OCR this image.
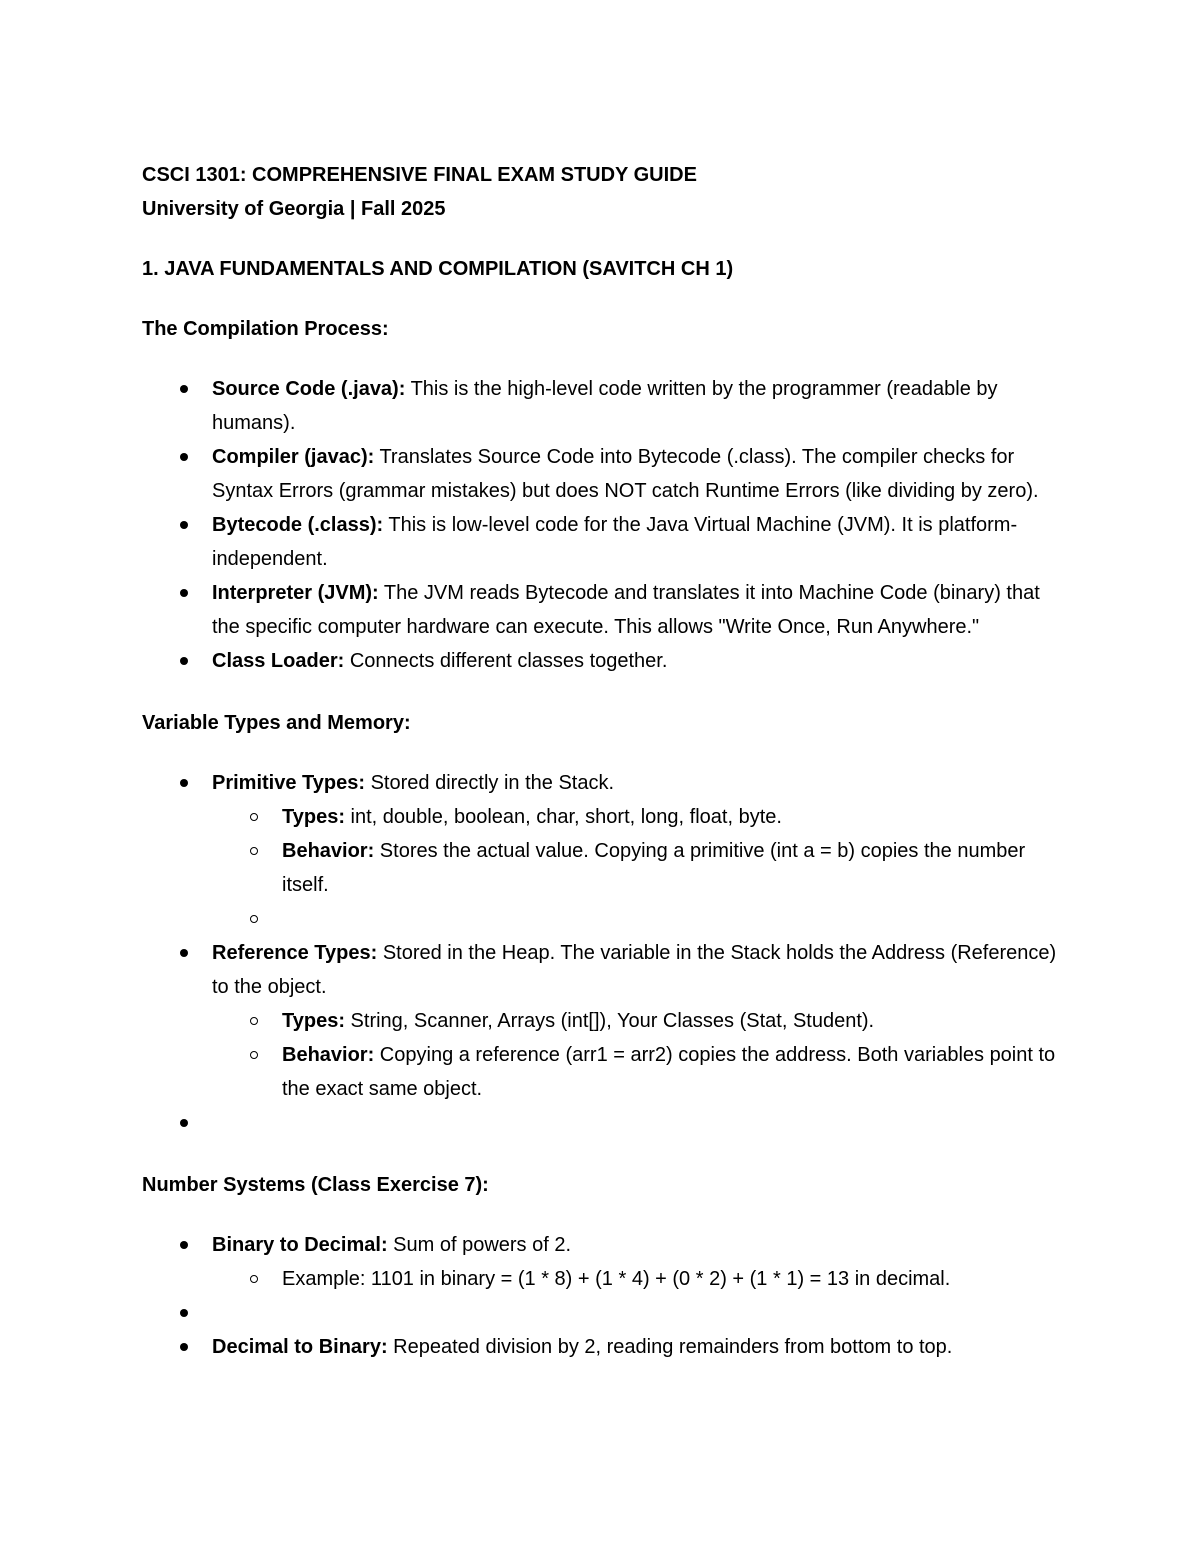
CSCI 1301: COMPREHENSIVE FINAL EXAM STUDY GUIDE

University of Georgia | Fall 2025

1. JAVA FUNDAMENTALS AND COMPILATION (SAVITCH CH 1)

The Compilation Process:

Source Code (.java): This is the high-level code written by the programmer (readable by humans).
Compiler (javac): Translates Source Code into Bytecode (.class). The compiler checks for Syntax Errors (grammar mistakes) but does NOT catch Runtime Errors (like dividing by zero).
Bytecode (.class): This is low-level code for the Java Virtual Machine (JVM). It is platform-independent.
Interpreter (JVM): The JVM reads Bytecode and translates it into Machine Code (binary) that the specific computer hardware can execute. This allows "Write Once, Run Anywhere."
Class Loader: Connects different classes together.

Variable Types and Memory:

Primitive Types: Stored directly in the Stack.
Types: int, double, boolean, char, short, long, float, byte.
Behavior: Stores the actual value. Copying a primitive (int a = b) copies the number itself.
Reference Types: Stored in the Heap. The variable in the Stack holds the Address (Reference) to the object.
Types: String, Scanner, Arrays (int[]), Your Classes (Stat, Student).
Behavior: Copying a reference (arr1 = arr2) copies the address. Both variables point to the exact same object.

Number Systems (Class Exercise 7):

Binary to Decimal: Sum of powers of 2.
Example: 1101 in binary = (1 * 8) + (1 * 4) + (0 * 2) + (1 * 1) = 13 in decimal.
Decimal to Binary: Repeated division by 2, reading remainders from bottom to top.
